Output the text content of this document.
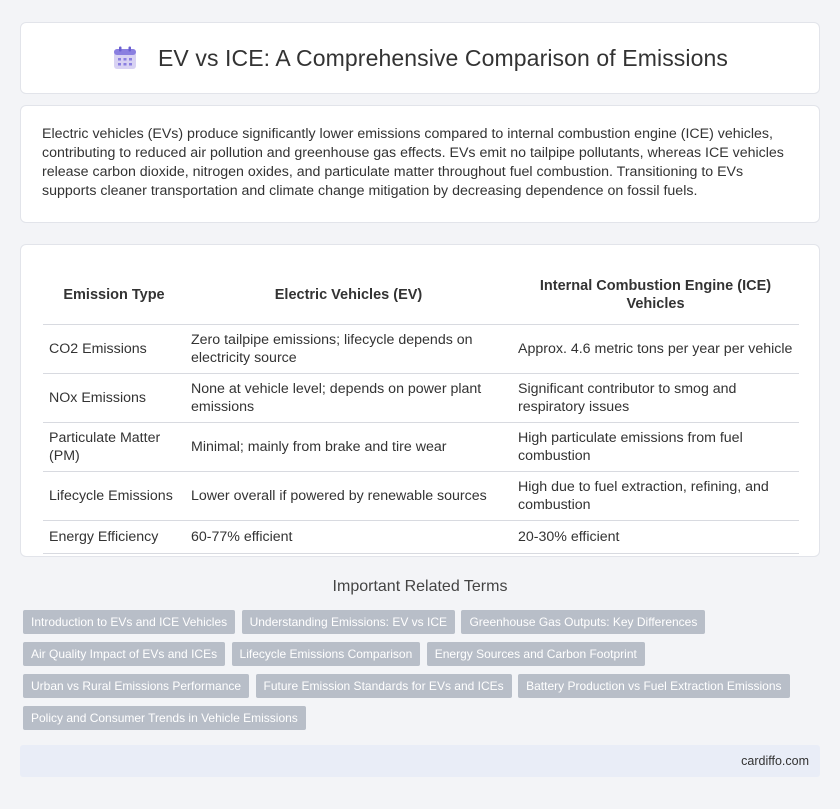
EV vs ICE: A Comprehensive Comparison of Emissions

Electric vehicles (EVs) produce significantly lower emissions compared to internal combustion engine (ICE) vehicles, contributing to reduced air pollution and greenhouse gas effects. EVs emit no tailpipe pollutants, whereas ICE vehicles release carbon dioxide, nitrogen oxides, and particulate matter throughout fuel combustion. Transitioning to EVs supports cleaner transportation and climate change mitigation by decreasing dependence on fossil fuels.

Emission Type	Electric Vehicles (EV)	Internal Combustion Engine (ICE) Vehicles
CO2 Emissions	Zero tailpipe emissions; lifecycle depends on electricity source	Approx. 4.6 metric tons per year per vehicle
NOx Emissions	None at vehicle level; depends on power plant emissions	Significant contributor to smog and respiratory issues
Particulate Matter (PM)	Minimal; mainly from brake and tire wear	High particulate emissions from fuel combustion
Lifecycle Emissions	Lower overall if powered by renewable sources	High due to fuel extraction, refining, and combustion
Energy Efficiency	60-77% efficient	20-30% efficient
Important Related Terms
Introduction to EVs and ICE Vehicles Understanding Emissions: EV vs ICE Greenhouse Gas Outputs: Key Differences Air Quality Impact of EVs and ICEs Lifecycle Emissions Comparison Energy Sources and Carbon Footprint Urban vs Rural Emissions Performance Future Emission Standards for EVs and ICEs Battery Production vs Fuel Extraction Emissions Policy and Consumer Trends in Vehicle Emissions
cardiffo.com
